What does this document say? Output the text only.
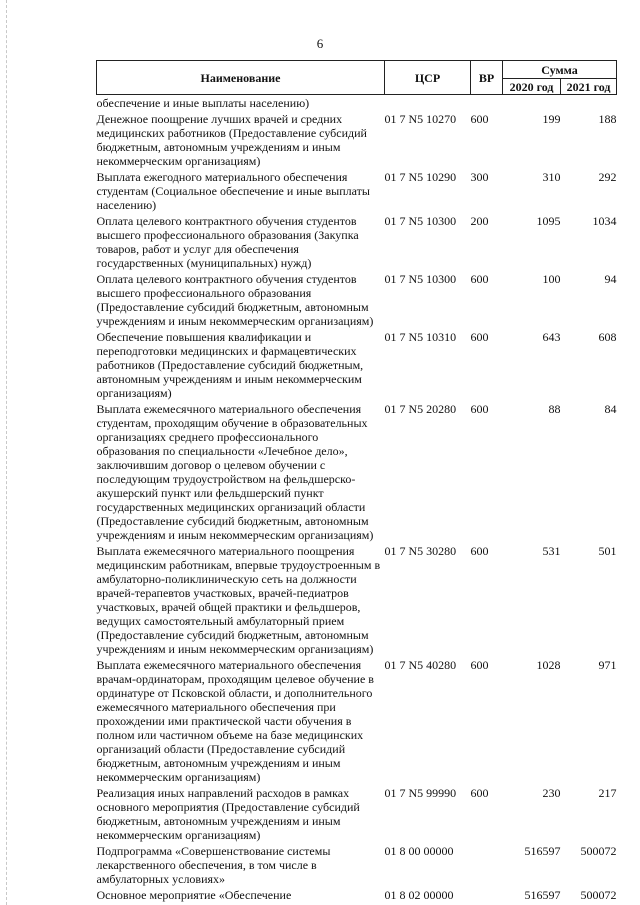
6
Наименование	ЦСР	ВР	Сумма	
			2020 год	2021 год
обеспечение и иные выплаты населению)				
Денежное поощрение лучших врачей и средних медицинских работников (Предоставление субсидий бюджетным, автономным учреждениям и иным некоммерческим организациям)	01 7 N5 10270	600	199	188
Выплата ежегодного материального обеспечения студентам (Социальное обеспечение и иные выплаты населению)	01 7 N5 10290	300	310	292
Оплата целевого контрактного обучения студентов высшего профессионального образования (Закупка товаров, работ и услуг для обеспечения государственных (муниципальных) нужд)	01 7 N5 10300	200	1095	1034
Оплата целевого контрактного обучения студентов высшего профессионального образования (Предоставление субсидий бюджетным, автономным учреждениям и иным некоммерческим организациям)	01 7 N5 10300	600	100	94
Обеспечение повышения квалификации и переподготовки медицинских и фармацевтических работников (Предоставление субсидий бюджетным, автономным учреждениям и иным некоммерческим организациям)	01 7 N5 10310	600	643	608
Выплата ежемесячного материального обеспечения студентам, проходящим обучение в образовательных организациях среднего профессионального образования по специальности «Лечебное дело», заключившим договор о целевом обучении с последующим трудоустройством на фельдшерско-акушерский пункт или фельдшерский пункт государственных медицинских организаций области (Предоставление субсидий бюджетным, автономным учреждениям и иным некоммерческим организациям)	01 7 N5 20280	600	88	84
Выплата ежемесячного материального поощрения медицинским работникам, впервые трудоустроенным в амбулаторно-поликлиническую сеть на должности врачей-терапевтов участковых, врачей-педиатров участковых, врачей общей практики и фельдшеров, ведущих самостоятельный амбулаторный прием (Предоставление субсидий бюджетным, автономным учреждениям и иным некоммерческим организациям)	01 7 N5 30280	600	531	501
Выплата ежемесячного материального обеспечения врачам-ординаторам, проходящим целевое обучение в ординатуре от Псковской области, и дополнительного ежемесячного материального обеспечения при прохождении ими практической части обучения в полном или частичном объеме на базе медицинских организаций области (Предоставление субсидий бюджетным, автономным учреждениям и иным некоммерческим организациям)	01 7 N5 40280	600	1028	971
Реализация иных направлений расходов в рамках основного мероприятия (Предоставление субсидий бюджетным, автономным учреждениям и иным некоммерческим организациям)	01 7 N5 99990	600	230	217
Подпрограмма «Совершенствование системы лекарственного обеспечения, в том числе в амбулаторных условиях»	01 8 00 00000		516597	500072
Основное мероприятие «Обеспечение	01 8 02 00000		516597	500072
